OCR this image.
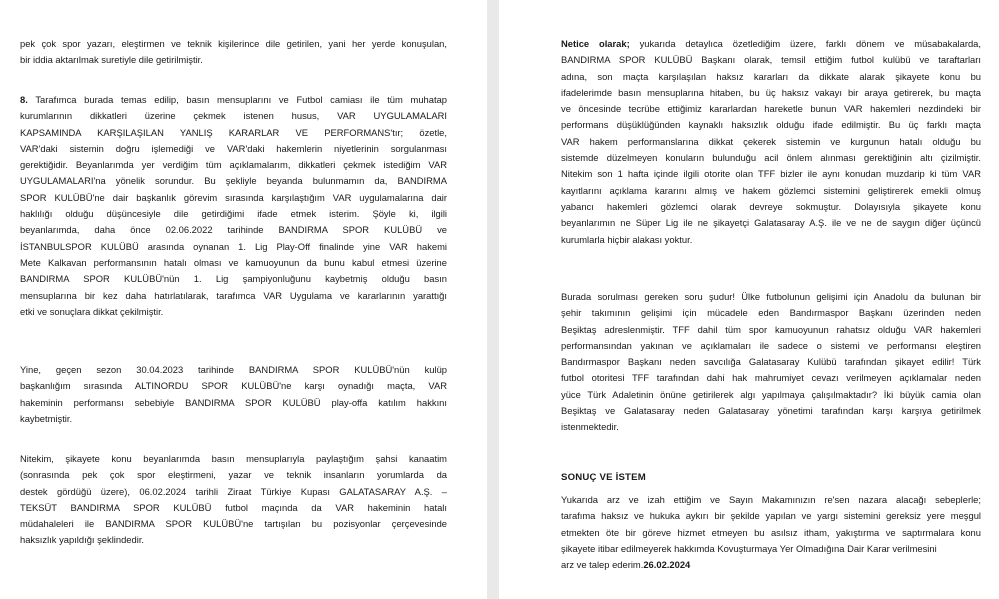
pek çok spor yazarı, eleştirmen ve teknik kişilerince dile getirilen, yani her yerde konuşulan,
bir iddia aktarılmak suretiyle dile getirilmiştir.
8. Tarafımca burada temas edilip, basın mensuplarını ve Futbol camiası ile tüm muhatap
kurumlarının dikkatleri üzerine çekmek istenen husus, VAR UYGULAMALARI
KAPSAMINDA KARŞILAŞILAN YANLIŞ KARARLAR VE PERFORMANS'tır; özetle,
VAR'daki sistemin doğru işlemediği ve VAR'daki hakemlerin niyetlerinin sorgulanması
gerektiğidir. Beyanlarımda yer verdiğim tüm açıklamalarım, dikkatleri çekmek istediğim VAR
UYGULAMALARI'na yönelik sorundur. Bu şekliyle beyanda bulunmamın da, BANDIRMA
SPOR KULÜBÜ'ne dair başkanlık görevim sırasında karşılaştığım VAR uygulamalarına dair
haklılığı olduğu düşüncesiyle dile getirdiğimi ifade etmek isterim. Şöyle ki, ilgili
beyanlarımda, daha önce 02.06.2022 tarihinde BANDIRMA SPOR KULÜBÜ ve
İSTANBULSPOR KULÜBÜ arasında oynanan 1. Lig Play-Off finalinde yine VAR hakemi
Mete Kalkavan performansının hatalı olması ve kamuoyunun da bunu kabul etmesi üzerine
BANDIRMA SPOR KULÜBÜ'nün 1. Lig şampiyonluğunu kaybetmiş olduğu basın
mensuplarına bir kez daha hatırlatılarak, tarafımca VAR Uygulama ve kararlarının yarattığı
etki ve sonuçlara dikkat çekilmiştir.
Yine, geçen sezon 30.04.2023 tarihinde BANDIRMA SPOR KULÜBÜ'nün kulüp
başkanlığım sırasında ALTINORDU SPOR KULÜBÜ'ne karşı oynadığı maçta, VAR
hakeminin performansı sebebiyle BANDIRMA SPOR KULÜBÜ play-offa katılım hakkını
kaybetmiştir.
Nitekim, şikayete konu beyanlarımda basın mensuplarıyla paylaştığım şahsi kanaatim
(sonrasında pek çok spor eleştirmeni, yazar ve teknik insanların yorumlarda da
destek gördüğü üzere), 06.02.2024 tarihli Ziraat Türkiye Kupası GALATASARAY A.Ş. –
TEKSÜT BANDIRMA SPOR KULÜBÜ futbol maçında da VAR hakeminin hatalı
müdahaleleri ile BANDIRMA SPOR KULÜBÜ'ne tartışılan bu pozisyonlar çerçevesinde
haksızlık yapıldığı şeklindedir.
Netice olarak; yukarıda detaylıca özetlediğim üzere, farklı dönem ve müsabakalarda,
BANDIRMA SPOR KULÜBÜ Başkanı olarak, temsil ettiğim futbol kulübü ve taraftarları
adına, son maçta karşılaşılan haksız kararları da dikkate alarak şikayete konu bu
ifadelerimde basın mensuplarına hitaben, bu üç haksız vakayı bir araya getirerek, bu maçta
ve öncesinde tecrübe ettiğimiz kararlardan hareketle bunun VAR hakemleri nezdindeki bir
performans düşüklüğünden kaynaklı haksızlık olduğu ifade edilmiştir. Bu üç farklı maçta
VAR hakem performanslarına dikkat çekerek sistemin ve kurgunun hatalı olduğu bu
sistemde düzelmeyen konuların bulunduğu acil önlem alınması gerektiğinin altı çizilmiştir.
Nitekim son 1 hafta içinde ilgili otorite olan TFF bizler ile aynı konudan muzdarip ki tüm VAR
kayıtlarını açıklama kararını almış ve hakem gözlemci sistemini geliştirerek emekli olmuş
yabancı hakemleri gözlemci olarak devreye sokmuştur. Dolayısıyla şikayete konu
beyanlarımın ne Süper Lig ile ne şikayetçi Galatasaray A.Ş. ile ve ne de saygın diğer üçüncü
kurumlarla hiçbir alakası yoktur.
Burada sorulması gereken soru şudur! Ülke futbolunun gelişimi için Anadolu da bulunan bir
şehir takımının gelişimi için mücadele eden Bandırmaspor Başkanı üzerinden neden
Beşiktaş adreslenmiştir. TFF dahil tüm spor kamuoyunun rahatsız olduğu VAR hakemleri
performansından yakınan ve açıklamaları ile sadece o sistemi ve performansı eleştiren
Bandırmaspor Başkanı neden savcılığa Galatasaray Kulübü tarafından şikayet edilir! Türk
futbol otoritesi TFF tarafından dahi hak mahrumiyet cevazı verilmeyen açıklamalar neden
yüce Türk Adaletinin önüne getirilerek algı yapılmaya çalışılmaktadır? İki büyük camia olan
Beşiktaş ve Galatasaray neden Galatasaray yönetimi tarafından karşı karşıya getirilmek
istenmektedir.
SONUÇ VE İSTEM
Yukarıda arz ve izah ettiğim ve Sayın Makamınızın re'sen nazara alacağı sebeplerle;
tarafıma haksız ve hukuka aykırı bir şekilde yapılan ve yargı sistemini gereksiz yere meşgul
etmekten öte bir göreve hizmet etmeyen bu asılsız itham, yakıştırma ve saptırmalara konu
şikayete itibar edilmeyerek hakkımda Kovuşturmaya Yer Olmadığına Dair Karar verilmesini
arz ve talep ederim.26.02.2024
